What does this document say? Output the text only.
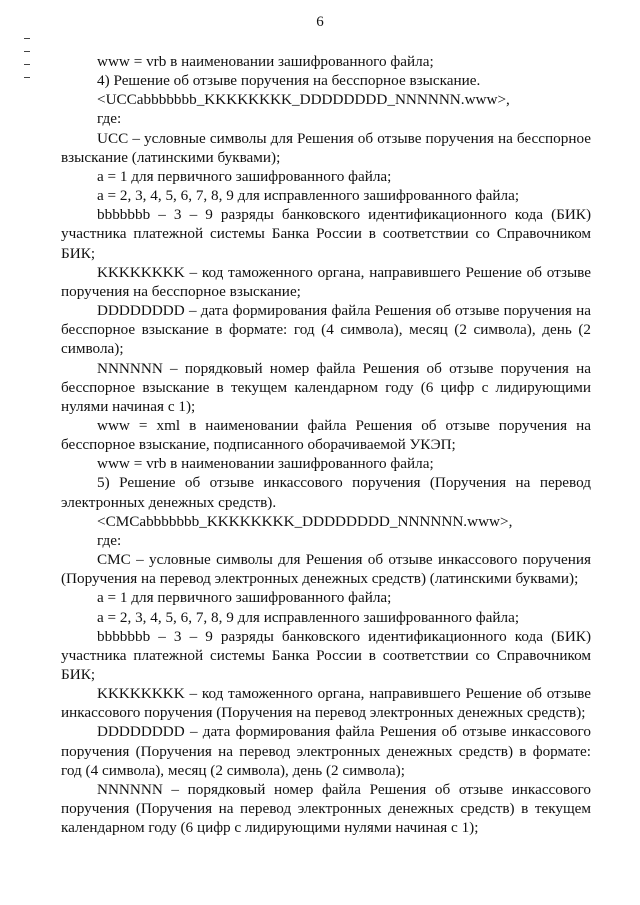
6

www = vrb в наименовании зашифрованного файла;

4) Решение об отзыве поручения на бесспорное взыскание.

<UCCabbbbbbb_KKKKKKKK_DDDDDDDD_NNNNNN.www>,

где:

UCC – условные символы для Решения об отзыве поручения на бесспорное взыскание (латинскими буквами);

a = 1 для первичного зашифрованного файла;

a = 2, 3, 4, 5, 6, 7, 8, 9 для исправленного зашифрованного файла;

bbbbbbb – 3 – 9 разряды банковского идентификационного кода (БИК) участника платежной системы Банка России в соответствии со Справочником БИК;

KKKKKKKK – код таможенного органа, направившего Решение об отзыве поручения на бесспорное взыскание;

DDDDDDDD – дата формирования файла Решения об отзыве поручения на бесспорное взыскание в формате: год (4 символа), месяц (2 символа), день (2 символа);

NNNNNN – порядковый номер файла Решения об отзыве поручения на бесспорное взыскание в текущем календарном году (6 цифр с лидирующими нулями начиная с 1);

www = xml в наименовании файла Решения об отзыве поручения на бесспорное взыскание, подписанного оборачиваемой УКЭП;

www = vrb в наименовании зашифрованного файла;

5) Решение об отзыве инкассового поручения (Поручения на перевод электронных денежных средств).

<CMCabbbbbbb_KKKKKKKK_DDDDDDDD_NNNNNN.www>,

где:

CMC – условные символы для Решения об отзыве инкассового поручения (Поручения на перевод электронных денежных средств) (латинскими буквами);

a = 1 для первичного зашифрованного файла;

a = 2, 3, 4, 5, 6, 7, 8, 9 для исправленного зашифрованного файла;

bbbbbbb – 3 – 9 разряды банковского идентификационного кода (БИК) участника платежной системы Банка России в соответствии со Справочником БИК;

KKKKKKKK – код таможенного органа, направившего Решение об отзыве инкассового поручения (Поручения на перевод электронных денежных средств);

DDDDDDDD – дата формирования файла Решения об отзыве инкассового поручения (Поручения на перевод электронных денежных средств) в формате: год (4 символа), месяц (2 символа), день (2 символа);

NNNNNN – порядковый номер файла Решения об отзыве инкассового поручения (Поручения на перевод электронных денежных средств) в текущем календарном году (6 цифр с лидирующими нулями начиная с 1);
